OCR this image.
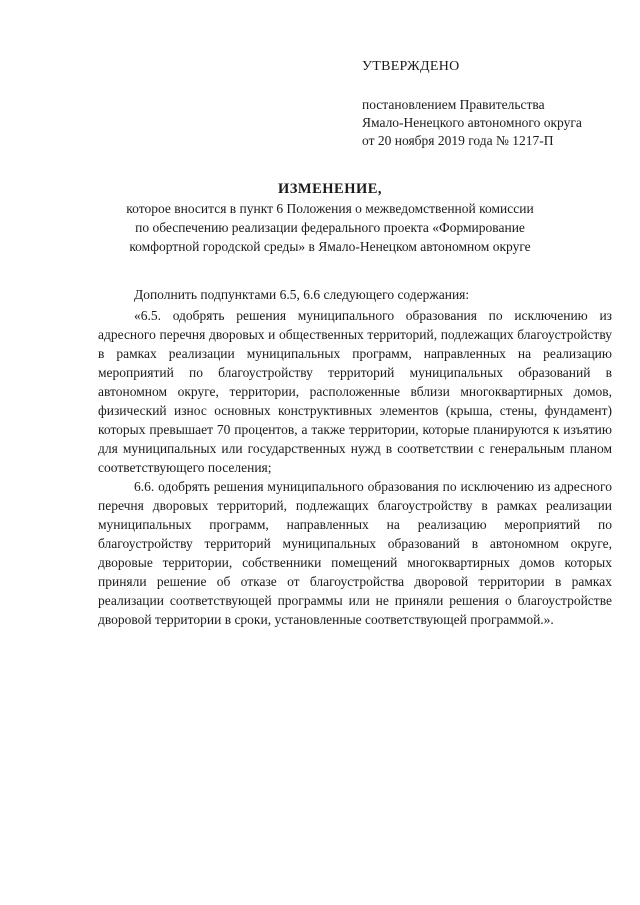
УТВЕРЖДЕНО
постановлением Правительства
Ямало-Ненецкого автономного округа
от 20 ноября 2019 года № 1217-П
ИЗМЕНЕНИЕ,
которое вносится в пункт 6 Положения о межведомственной комиссии
по обеспечению реализации федерального проекта «Формирование
комфортной городской среды» в Ямало-Ненецком автономном округе

Дополнить подпунктами 6.5, 6.6 следующего содержания:

«6.5. одобрять решения муниципального образования по исключению из адресного перечня дворовых и общественных территорий, подлежащих благоустройству в рамках реализации муниципальных программ, направленных на реализацию мероприятий по благоустройству территорий муниципальных образований в автономном округе, территории, расположенные вблизи многоквартирных домов, физический износ основных конструктивных элементов (крыша, стены, фундамент) которых превышает 70 процентов, а также территории, которые планируются к изъятию для муниципальных или государственных нужд в соответствии с генеральным планом соответствующего поселения;

6.6. одобрять решения муниципального образования по исключению из адресного перечня дворовых территорий, подлежащих благоустройству в рамках реализации муниципальных программ, направленных на реализацию мероприятий по благоустройству территорий муниципальных образований в автономном округе, дворовые территории, собственники помещений многоквартирных домов которых приняли решение об отказе от благоустройства дворовой территории в рамках реализации соответствующей программы или не приняли решения о благоустройстве дворовой территории в сроки, установленные соответствующей программой.».
